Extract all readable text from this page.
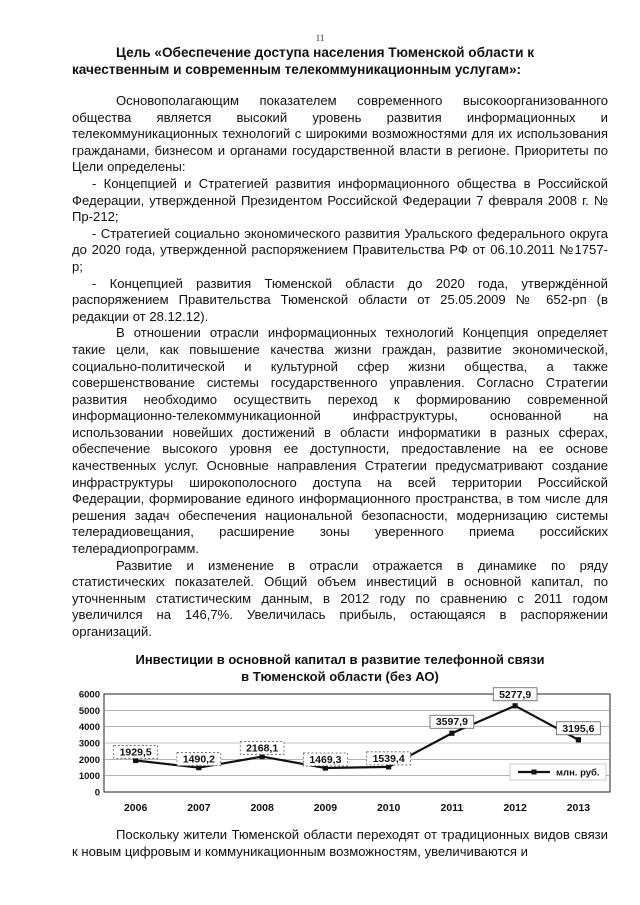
11
Цель «Обеспечение доступа населения Тюменской области к
качественным и современным телекоммуникационным услугам»:

Основополагающим показателем современного высокоорганизованного общества является высокий уровень развития информационных и телекоммуникационных технологий с широкими возможностями для их использования гражданами, бизнесом и органами государственной власти в регионе. Приоритеты по Цели определены:

- Концепцией и Стратегией развития информационного общества в Российской Федерации, утвержденной Президентом Российской Федерации 7 февраля 2008 г. № Пр-212;

- Стратегией социально экономического развития Уральского федерального округа до 2020 года, утвержденной распоряжением Правительства РФ от 06.10.2011 №1757-р;

- Концепцией развития Тюменской области до 2020 года, утверждённой распоряжением Правительства Тюменской области от 25.05.2009 № 652-рп (в редакции от 28.12.12).

В отношении отрасли информационных технологий Концепция определяет такие цели, как повышение качества жизни граждан, развитие экономической, социально-политической и культурной сфер жизни общества, а также совершенствование системы государственного управления. Согласно Стратегии развития необходимо осуществить переход к формированию современной информационно-телекоммуникационной инфраструктуры, основанной на использовании новейших достижений в области информатики в разных сферах, обеспечение высокого уровня ее доступности, предоставление на ее основе качественных услуг. Основные направления Стратегии предусматривают создание инфраструктуры широкополосного доступа на всей территории Российской Федерации, формирование единого информационного пространства, в том числе для решения задач обеспечения национальной безопасности, модернизацию системы телерадиовещания, расширение зоны уверенного приема российских телерадиопрограмм.

Развитие и изменение в отрасли отражается в динамике по ряду статистических показателей. Общий объем инвестиций в основной капитал, по уточненным статистическим данным, в 2012 году по сравнению с 2011 годом увеличился на 146,7%. Увеличилась прибыль, остающаяся в распоряжении организаций.

Инвестиции в основной капитал в развитие телефонной связи
в Тюменской области (без АО)
0
1000
2000
3000
4000
5000
6000
2006	2007	2008	2009	2010	2011	2012	2013
1929,5
1490,2
2168,1
1469,3	1539,4
3597,9
5277,9
3195,6
млн. руб.

Поскольку жители Тюменской области переходят от традиционных видов связи к новым цифровым и коммуникационным возможностям, увеличиваются и
